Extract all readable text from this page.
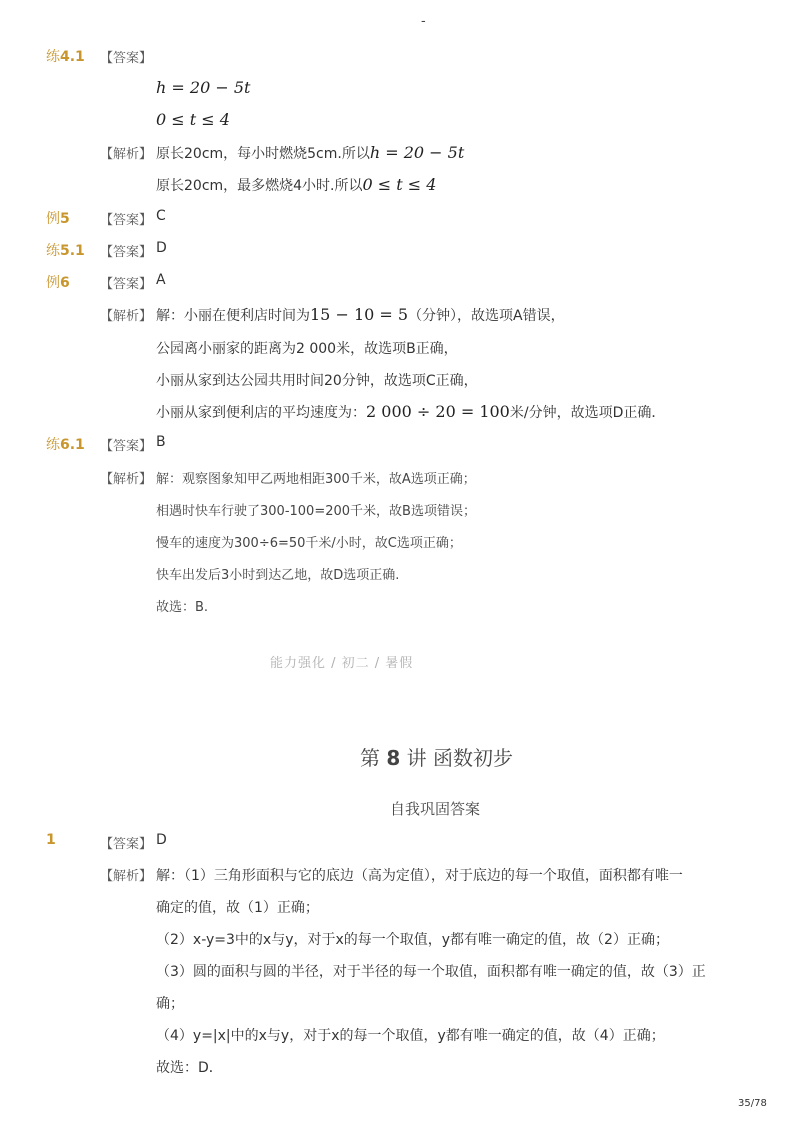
-
练4.1 【答案】
h = 20 − 5t
0 ≤ t ≤ 4
【解析】 原长20cm，每小时燃烧5cm.所以h = 20 − 5t
原长20cm，最多燃烧4小时.所以0 ≤ t ≤ 4
例5 【答案】 C
练5.1 【答案】 D
例6 【答案】 A
【解析】 解：小丽在便利店时间为15 − 10 = 5（分钟），故选项A错误，
公园离小丽家的距离为2 000米，故选项B正确，
小丽从家到达公园共用时间20分钟，故选项C正确，
小丽从家到便利店的平均速度为：2 000 ÷ 20 = 100米/分钟，故选项D正确．
练6.1 【答案】 B
【解析】 解：观察图象知甲乙两地相距300千米，故A选项正确；
相遇时快车行驶了300-100=200千米，故B选项错误；
慢车的速度为300÷6=50千米/小时，故C选项正确；
快车出发后3小时到达乙地，故D选项正确.
故选：B.
能力强化 / 初二 / 暑假
第 8 讲 函数初步
自我巩固答案
1	【答案】 D
【解析】 解：（1）三角形面积与它的底边（高为定值），对于底边的每一个取值，面积都有唯一
确定的值，故（1）正确；
（2）x-y=3中的x与y，对于x的每一个取值，y都有唯一确定的值，故（2）正确；
（3）圆的面积与圆的半径，对于半径的每一个取值，面积都有唯一确定的值，故（3）正
确；
（4）y=|x|中的x与y，对于x的每一个取值，y都有唯一确定的值，故（4）正确；
故选：D．
35/78
